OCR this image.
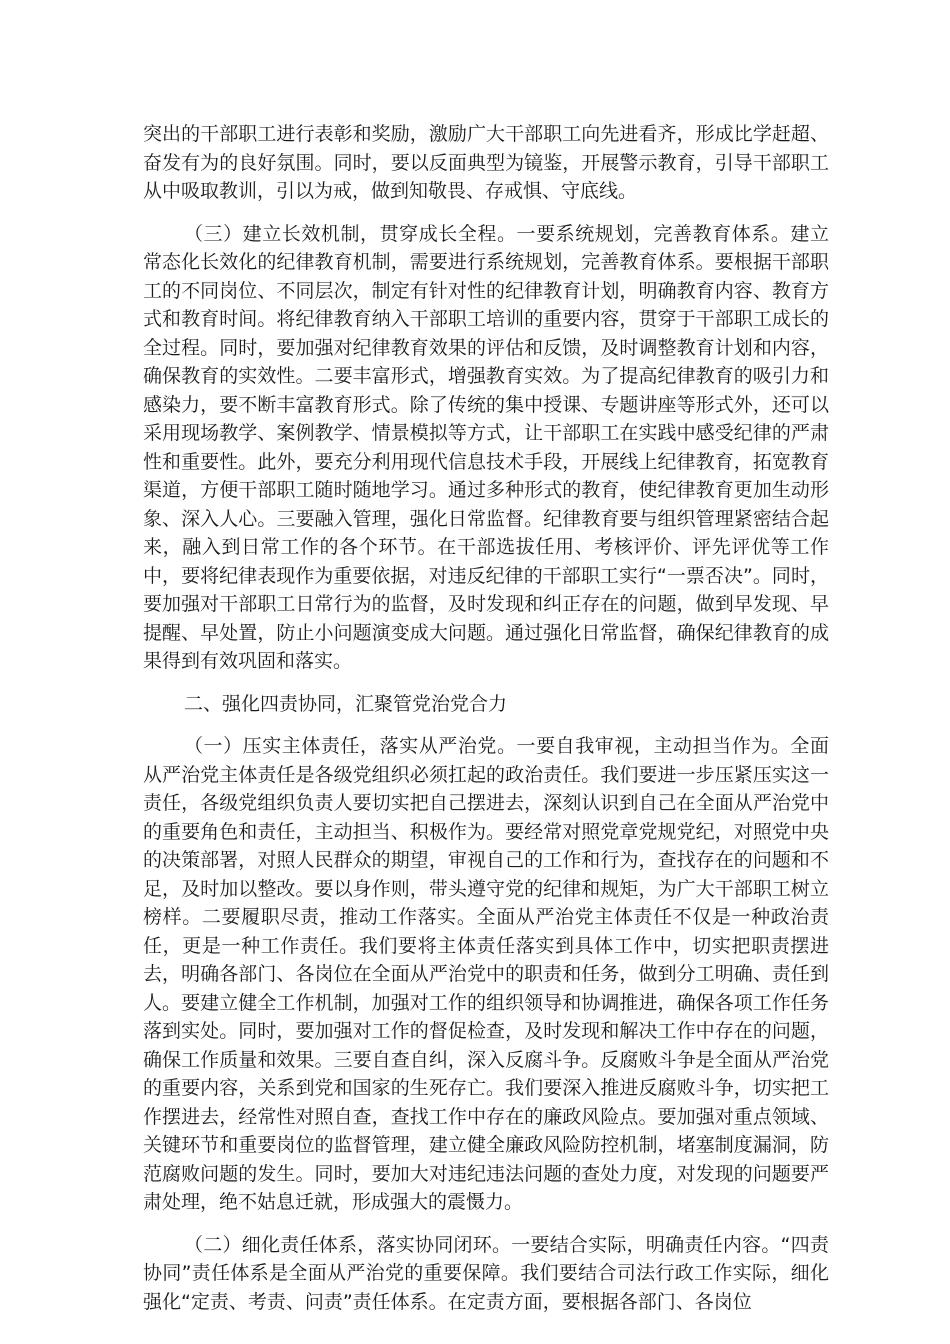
突出的干部职工进行表彰和奖励，激励广大干部职工向先进看齐，形成比学赶超、奋发有为的良好氛围。同时，要以反面典型为镜鉴，开展警示教育，引导干部职工从中吸取教训，引以为戒，做到知敬畏、存戒惧、守底线。

（三）建立长效机制，贯穿成长全程。一要系统规划，完善教育体系。建立常态化长效化的纪律教育机制，需要进行系统规划，完善教育体系。要根据干部职工的不同岗位、不同层次，制定有针对性的纪律教育计划，明确教育内容、教育方式和教育时间。将纪律教育纳入干部职工培训的重要内容，贯穿于干部职工成长的全过程。同时，要加强对纪律教育效果的评估和反馈，及时调整教育计划和内容，确保教育的实效性。二要丰富形式，增强教育实效。为了提高纪律教育的吸引力和感染力，要不断丰富教育形式。除了传统的集中授课、专题讲座等形式外，还可以采用现场教学、案例教学、情景模拟等方式，让干部职工在实践中感受纪律的严肃性和重要性。此外，要充分利用现代信息技术手段，开展线上纪律教育，拓宽教育渠道，方便干部职工随时随地学习。通过多种形式的教育，使纪律教育更加生动形象、深入人心。三要融入管理，强化日常监督。纪律教育要与组织管理紧密结合起来，融入到日常工作的各个环节。在干部选拔任用、考核评价、评先评优等工作中，要将纪律表现作为重要依据，对违反纪律的干部职工实行“一票否决”。同时，要加强对干部职工日常行为的监督，及时发现和纠正存在的问题，做到早发现、早提醒、早处置，防止小问题演变成大问题。通过强化日常监督，确保纪律教育的成果得到有效巩固和落实。

二、强化四责协同，汇聚管党治党合力

（一）压实主体责任，落实从严治党。一要自我审视，主动担当作为。全面从严治党主体责任是各级党组织必须扛起的政治责任。我们要进一步压紧压实这一责任，各级党组织负责人要切实把自己摆进去，深刻认识到自己在全面从严治党中的重要角色和责任，主动担当、积极作为。要经常对照党章党规党纪，对照党中央的决策部署，对照人民群众的期望，审视自己的工作和行为，查找存在的问题和不足，及时加以整改。要以身作则，带头遵守党的纪律和规矩，为广大干部职工树立榜样。二要履职尽责，推动工作落实。全面从严治党主体责任不仅是一种政治责任，更是一种工作责任。我们要将主体责任落实到具体工作中，切实把职责摆进去，明确各部门、各岗位在全面从严治党中的职责和任务，做到分工明确、责任到人。要建立健全工作机制，加强对工作的组织领导和协调推进，确保各项工作任务落到实处。同时，要加强对工作的督促检查，及时发现和解决工作中存在的问题，确保工作质量和效果。三要自查自纠，深入反腐斗争。反腐败斗争是全面从严治党的重要内容，关系到党和国家的生死存亡。我们要深入推进反腐败斗争，切实把工作摆进去，经常性对照自查，查找工作中存在的廉政风险点。要加强对重点领域、关键环节和重要岗位的监督管理，建立健全廉政风险防控机制，堵塞制度漏洞，防范腐败问题的发生。同时，要加大对违纪违法问题的查处力度，对发现的问题要严肃处理，绝不姑息迁就，形成强大的震慑力。

（二）细化责任体系，落实协同闭环。一要结合实际，明确责任内容。“四责协同”责任体系是全面从严治党的重要保障。我们要结合司法行政工作实际，细化强化“定责、考责、问责”责任体系。在定责方面，要根据各部门、各岗位
